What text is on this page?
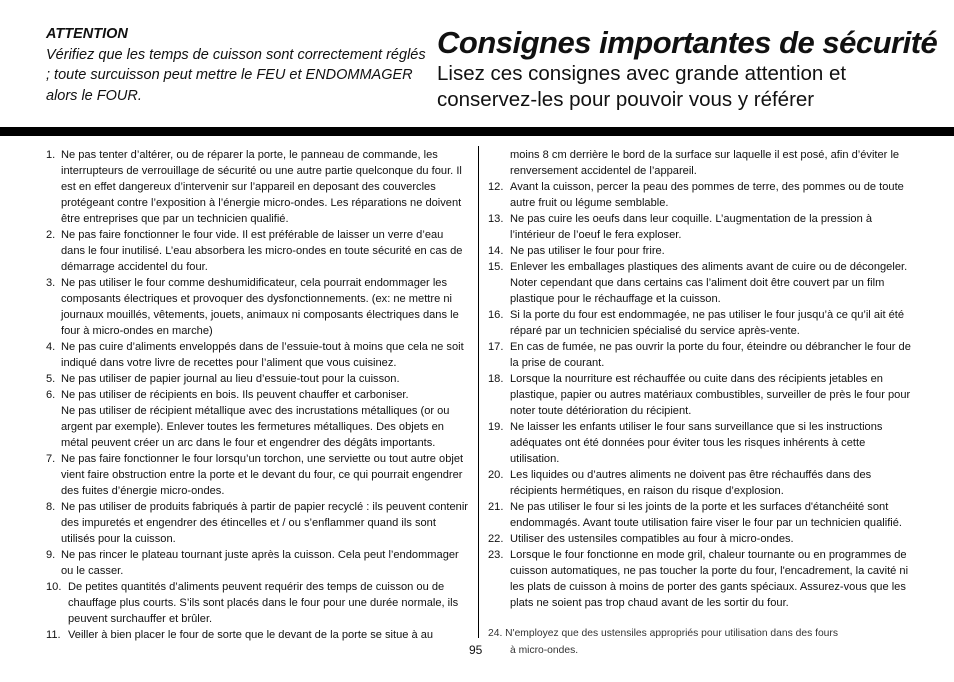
ATTENTION
Vérifiez que les temps de cuisson sont correctement réglés ; toute surcuisson peut mettre le FEU et ENDOMMAGER alors le FOUR.
Consignes importantes de sécurité
Lisez ces consignes avec grande attention et conservez-les pour pouvoir vous y référer
1. Ne pas tenter d’altérer, ou de réparer la porte, le panneau de commande, les interrupteurs de verrouillage de sécurité ou une autre partie quelconque du four. Il est en effet dangereux d’intervenir sur l’appareil en deposant des couvercles protégeant contre l’exposition à l’énergie micro-ondes. Les réparations ne doivent être entreprises que par un technicien qualifié.
2. Ne pas faire fonctionner le four vide. Il est préférable de laisser un verre d’eau dans le four inutilisé. L’eau absorbera les micro-ondes en toute sécurité en cas de démarrage accidentel du four.
3. Ne pas utiliser le four comme deshumidificateur, cela pourrait endommager les composants électriques et provoquer des dysfonctionnements. (ex: ne mettre ni journaux mouillés, vêtements, jouets, animaux ni composants électriques dans le four à micro-ondes en marche)
4. Ne pas cuire d’aliments enveloppés dans de l’essuie-tout à moins que cela ne soit indiqué dans votre livre de recettes pour l’aliment que vous cuisinez.
5. Ne pas utiliser de papier journal au lieu d’essuie-tout pour la cuisson.
6. Ne pas utiliser de récipients en bois. Ils peuvent chauffer et carboniser.
Ne pas utiliser de récipient métallique avec des incrustations métalliques (or ou argent par exemple). Enlever toutes les fermetures métalliques. Des objets en métal peuvent créer un arc dans le four et engendrer des dégâts importants.
7. Ne pas faire fonctionner le four lorsqu’un torchon, une serviette ou tout autre objet vient faire obstruction entre la porte et le devant du four, ce qui pourrait engendrer des fuites d’énergie micro-ondes.
8. Ne pas utiliser de produits fabriqués à partir de papier recyclé : ils peuvent contenir des impuretés et engendrer des étincelles et / ou s’enflammer quand ils sont utilisés pour la cuisson.
9. Ne pas rincer le plateau tournant juste après la cuisson. Cela peut l’endommager ou le casser.
10. De petites quantités d’aliments peuvent requérir des temps de cuisson ou de chauffage plus courts. S’ils sont placés dans le four pour une durée normale, ils peuvent surchauffer et brûler.
11. Veiller à bien placer le four de sorte que le devant de la porte se situe à au
moins 8 cm derrière le bord de la surface sur laquelle il est posé, afin d’éviter le renversement accidentel de l’appareil.
12. Avant la cuisson, percer la peau des pommes de terre, des pommes ou de toute autre fruit ou légume semblable.
13. Ne pas cuire les oeufs dans leur coquille. L’augmentation de la pression à l’intérieur de l’oeuf le fera exploser.
14. Ne pas utiliser le four pour frire.
15. Enlever les emballages plastiques des aliments avant de cuire ou de décongeler. Noter cependant que dans certains cas l’aliment doit être couvert par un film plastique pour le réchauffage et la cuisson.
16. Si la porte du four est endommagée, ne pas utiliser le four jusqu’à ce qu’il ait été réparé par un technicien spécialisé du service après-vente.
17. En cas de fumée, ne pas ouvrir la porte du four, éteindre ou débrancher le four de la prise de courant.
18. Lorsque la nourriture est réchauffée ou cuite dans des récipients jetables en plastique, papier ou autres matériaux combustibles, surveiller de près le four pour noter toute détérioration du récipient.
19. Ne laisser les enfants utiliser le four sans surveillance que si les instructions adéquates ont été données pour éviter tous les risques inhérents à cette utilisation.
20. Les liquides ou d’autres aliments ne doivent pas être réchauffés dans des récipients hermétiques, en raison du risque d’explosion.
21. Ne pas utiliser le four si les joints de la porte et les surfaces d'étanchéité sont endommagés. Avant toute utilisation faire viser le four par un technicien qualifié.
22. Utiliser des ustensiles compatibles au four à micro-ondes.
23. Lorsque le four fonctionne en mode gril, chaleur tournante ou en programmes de cuisson automatiques, ne pas toucher la porte du four, l'encadrement, la cavité ni les plats de cuisson à moins de porter des gants spéciaux. Assurez-vous que les plats ne soient pas trop chaud avant de les sortir du four.
24. N'employez que des ustensiles appropriés pour utilisation dans des fours
à micro-ondes.
95
